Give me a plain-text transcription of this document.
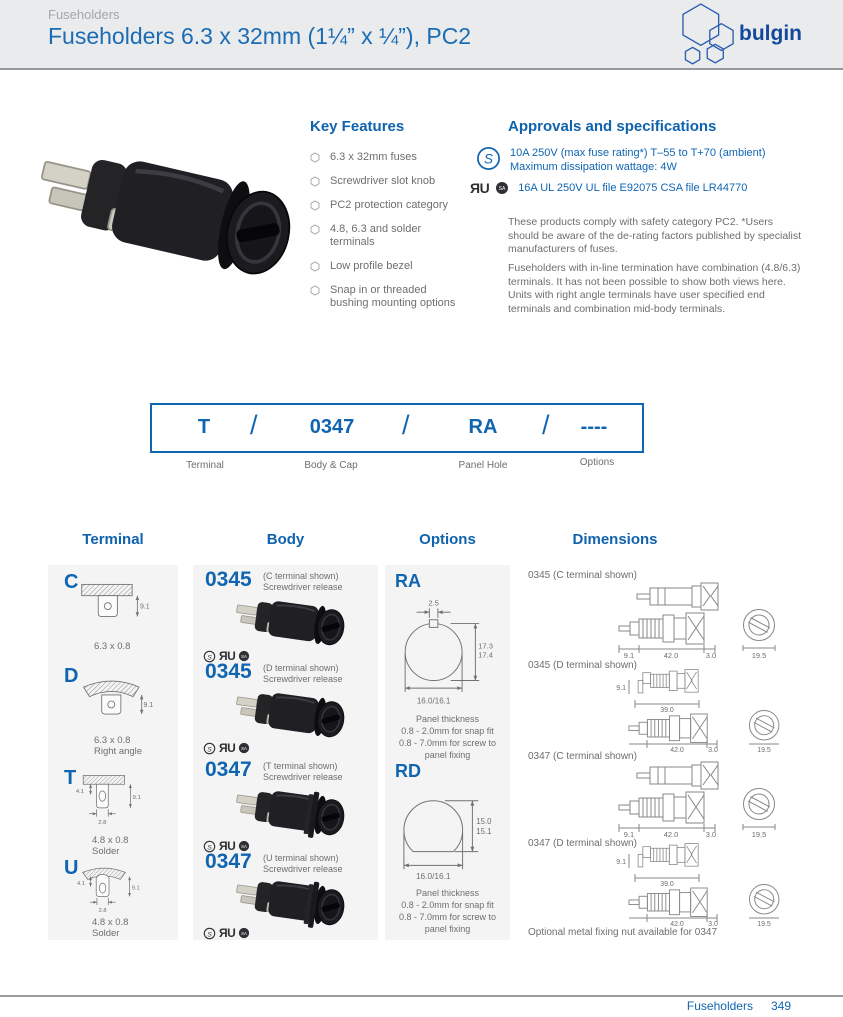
Fuseholders
Fuseholders 6.3 x 32mm (1¼” x ¼”), PC2	bulgin
Key Features
6.3 x 32mm fuses
Screwdriver slot knob
PC2 protection category
4.8, 6.3 and solder terminals
Low profile bezel
Snap in or threaded bushing mounting options
Approvals and specifications
S 10A 250V (max fuse rating*) T–55 to T+70 (ambient)
Maximum dissipation wattage: 4W
ЯU SA 16A UL 250V UL file E92075 CSA file LR44770
These products comply with safety category PC2. *Users should be aware of the de-rating factors published by specialist manufacturers of fuses.
Fuseholders with in-line termination have combination (4.8/6.3) terminals. It has not been possible to show both views here. Units with right angle terminals have user specified end terminals and combination mid-body terminals.
T	/	0347	/	RA	/	----
Terminal	Body & Cap	Panel Hole	Options
Terminal	Body	Options	Dimensions
C
9.1
6.3 x 0.8
D
9.1
6.3 x 0.8
Right angle
T
4.1
9.1
2.8
4.8 x 0.8
Solder
U
4.1
9.1
2.8
4.8 x 0.8
Solder
0345 (C terminal shown)
Screwdriver release
S ЯU SA
0345 (D terminal shown)
Screwdriver release
S ЯU SA
0347 (T terminal shown)
Screwdriver release
S ЯU SA
0347 (U terminal shown)
Screwdriver release
S ЯU SA
RA
2.5
17.3
17.4
16.0/16.1
Panel thickness
0.8 - 2.0mm for snap fit
0.8 - 7.0mm for screw to
panel fixing
RD
15.0
15.1
16.0/16.1
Panel thickness
0.8 - 2.0mm for snap fit
0.8 - 7.0mm for screw to
panel fixing
0345 (C terminal shown)
9.1	42.0	3.0	19.5
0345 (D terminal shown)
9.1
39.0
42.0	3.0	19.5
0347 (C terminal shown)
9.1	42.0	3.0	19.5
0347 (D terminal shown)
9.1
39.0
42.0	3.0	19.5
Optional metal fixing nut available for 0347
Fuseholders 349
